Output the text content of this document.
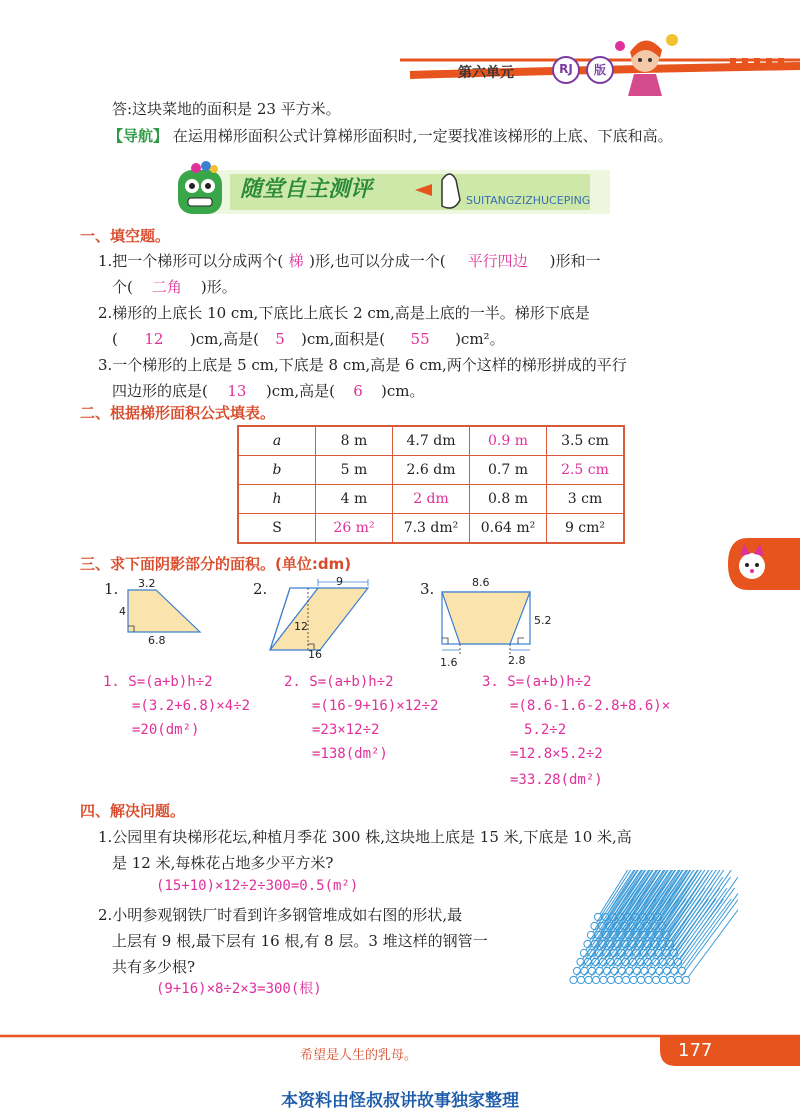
第六单元	RJ 版
答:这块菜地的面积是 23 平方米。
【导航】 在运用梯形面积公式计算梯形面积时,一定要找准该梯形的上底、下底和高。
随堂自主测评	SUITANGZIZHUCEPING
一、填空题。
1.把一个梯形可以分成两个( 梯 )形,也可以分成一个( 平行四边 )形和一
个( 二角 )形。
2.梯形的上底长 10 cm,下底比上底长 2 cm,高是上底的一半。梯形下底是
( 12 )cm,高是( 5 )cm,面积是( 55 )cm²。
3.一个梯形的上底是 5 cm,下底是 8 cm,高是 6 cm,两个这样的梯形拼成的平行
四边形的底是( 13 )cm,高是( 6 )cm。
二、根据梯形面积公式填表。
a	8 m	4.7 dm	0.9 m	3.5 cm
b	5 m	2.6 dm	0.7 m	2.5 cm
h	4 m	2 dm	0.8 m	3 cm
S	26 m²	7.3 dm²	0.64 m²	9 cm²
三、求下面阴影部分的面积。(单位:dm)
1. 3.2
4
6.8
2.	9
12
16
3.	8.6
5.2
1.6	2.8
1. S=(a+b)h÷2
=(3.2+6.8)×4÷2
=20(dm²)
2. S=(a+b)h÷2
=(16-9+16)×12÷2
=23×12÷2
=138(dm²)
3. S=(a+b)h÷2
=(8.6-1.6-2.8+8.6)×
5.2÷2
=12.8×5.2÷2
=33.28(dm²)
四、解决问题。
1.公园里有块梯形花坛,种植月季花 300 株,这块地上底是 15 米,下底是 10 米,高
是 12 米,每株花占地多少平方米?
(15+10)×12÷2÷300=0.5(m²)
2.小明参观钢铁厂时看到许多钢管堆成如右图的形状,最
上层有 9 根,最下层有 16 根,有 8 层。3 堆这样的钢管一
共有多少根?
(9+16)×8÷2×3=300(根)
希望是人生的乳母。	177
本资料由怪叔叔讲故事独家整理
